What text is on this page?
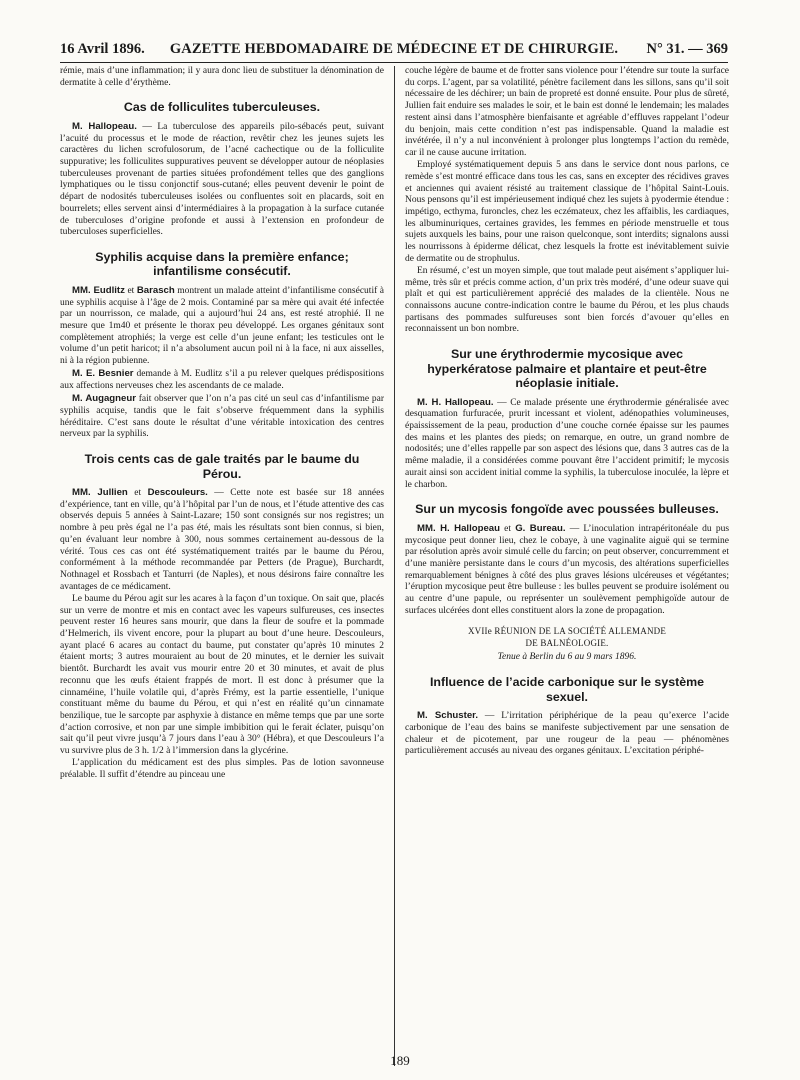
16 Avril 1896.	GAZETTE HEBDOMADAIRE DE MÉDECINE ET DE CHIRURGIE.	N° 31. — 369

rémie, mais d’une inflammation; il y aura donc lieu de substituer la dénomination de dermatite à celle d’érythème.

Cas de folliculites tuberculeuses.

M. Hallopeau. — La tuberculose des appareils pilo-sébacés peut, suivant l’acuité du processus et le mode de réaction, revêtir chez les jeunes sujets les caractères du lichen scrofulosorum, de l’acné cachectique ou de la folliculite suppurative; les folliculites suppuratives peuvent se développer autour de néoplasies tuberculeuses provenant de parties situées profondément telles que des ganglions lymphatiques ou le tissu conjonctif sous-cutané; elles peuvent devenir le point de départ de nodosités tuberculeuses isolées ou confluentes soit en placards, soit en bourrelets; elles servent ainsi d’intermédiaires à la propagation à la surface cutanée de tuberculoses d’origine profonde et aussi à l’extension en profondeur de tuberculoses superficielles.

Syphilis acquise dans la première enfance; infantilisme consécutif.

MM. Eudlitz et Barasch montrent un malade atteint d’infantilisme consécutif à une syphilis acquise à l’âge de 2 mois. Contaminé par sa mère qui avait été infectée par un nourrisson, ce malade, qui a aujourd’hui 24 ans, est resté atrophié. Il ne mesure que 1m40 et présente le thorax peu développé. Les organes génitaux sont complètement atrophiés; la verge est celle d’un jeune enfant; les testicules ont le volume d’un petit haricot; il n’a absolument aucun poil ni à la face, ni aux aisselles, ni à la région pubienne.

M. E. Besnier demande à M. Eudlitz s’il a pu relever quelques prédispositions aux affections nerveuses chez les ascendants de ce malade.

M. Augagneur fait observer que l’on n’a pas cité un seul cas d’infantilisme par syphilis acquise, tandis que le fait s’observe fréquemment dans la syphilis héréditaire. C’est sans doute le résultat d’une véritable intoxication des centres nerveux par la syphilis.

Trois cents cas de gale traités par le baume du Pérou.

MM. Jullien et Descouleurs. — Cette note est basée sur 18 années d’expérience, tant en ville, qu’à l’hôpital par l’un de nous, et l’étude attentive des cas observés depuis 5 années à Saint-Lazare; 150 sont consignés sur nos registres; un nombre à peu près égal ne l’a pas été, mais les résultats sont bien connus, si bien, qu’en évaluant leur nombre à 300, nous sommes certainement au-dessous de la vérité. Tous ces cas ont été systématiquement traités par le baume du Pérou, conformément à la méthode recommandée par Petters (de Prague), Burchardt, Nothnagel et Rossbach et Tanturri (de Naples), et nous désirons faire connaître les avantages de ce médicament.

Le baume du Pérou agit sur les acares à la façon d’un toxique. On sait que, placés sur un verre de montre et mis en contact avec les vapeurs sulfureuses, ces insectes peuvent rester 16 heures sans mourir, que dans la fleur de soufre et la pommade d’Helmerich, ils vivent encore, pour la plupart au bout d’une heure. Descouleurs, ayant placé 6 acares au contact du baume, put constater qu’après 10 minutes 2 étaient morts; 3 autres mouraient au bout de 20 minutes, et le dernier les suivait bientôt. Burchardt les avait vus mourir entre 20 et 30 minutes, et avait de plus reconnu que les œufs étaient frappés de mort. Il est donc à présumer que la cinnaméine, l’huile volatile qui, d’après Frémy, est la partie essentielle, l’unique constituant même du baume du Pérou, et qui n’est en réalité qu’un cinnamate benzilique, tue le sarcopte par asphyxie à distance en même temps que par une sorte d’action corrosive, et non par une simple imbibition qui le ferait éclater, puisqu’on sait qu’il peut vivre jusqu’à 7 jours dans l’eau à 30° (Hébra), et que Descouleurs l’a vu survivre plus de 3 h. 1/2 à l’immersion dans la glycérine.

L’application du médicament est des plus simples. Pas de lotion savonneuse préalable. Il suffit d’étendre au pinceau une

couche légère de baume et de frotter sans violence pour l’étendre sur toute la surface du corps. L’agent, par sa volatilité, pénètre facilement dans les sillons, sans qu’il soit nécessaire de les déchirer; un bain de propreté est donné ensuite. Pour plus de sûreté, Jullien fait enduire ses malades le soir, et le bain est donné le lendemain; les malades restent ainsi dans l’atmosphère bienfaisante et agréable d’effluves rappelant l’odeur du benjoin, mais cette condition n’est pas indispensable. Quand la maladie est invétérée, il n’y a nul inconvénient à prolonger plus longtemps l’action du remède, car il ne cause aucune irritation.

Employé systématiquement depuis 5 ans dans le service dont nous parlons, ce remède s’est montré efficace dans tous les cas, sans en excepter des récidives graves et anciennes qui avaient résisté au traitement classique de l’hôpital Saint-Louis. Nous pensons qu’il est impérieusement indiqué chez les sujets à pyodermie étendue : impétigo, ecthyma, furoncles, chez les eczémateux, chez les affaiblis, les cardiaques, les albuminuriques, certaines gravides, les femmes en période menstruelle et tous sujets auxquels les bains, pour une raison quelconque, sont interdits; signalons aussi les nourrissons à épiderme délicat, chez lesquels la frotte est inévitablement suivie de dermatite ou de strophulus.

En résumé, c’est un moyen simple, que tout malade peut aisément s’appliquer lui-même, très sûr et précis comme action, d’un prix très modéré, d’une odeur suave qui plaît et qui est particulièrement apprécié des malades de la clientèle. Nous ne connaissons aucune contre-indication contre le baume du Pérou, et les plus chauds partisans des pommades sulfureuses sont bien forcés d’avouer qu’elles en reconnaissent un bon nombre.

Sur une érythrodermie mycosique avec hyperkératose palmaire et plantaire et peut-être néoplasie initiale.

M. H. Hallopeau. — Ce malade présente une érythrodermie généralisée avec desquamation furfuracée, prurit incessant et violent, adénopathies volumineuses, épaississement de la peau, production d’une couche cornée épaisse sur les paumes des mains et les plantes des pieds; on remarque, en outre, un grand nombre de nodosités; une d’elles rappelle par son aspect des lésions que, dans 3 autres cas de la même maladie, il a considérées comme pouvant être l’accident primitif; le mycosis aurait ainsi son accident initial comme la syphilis, la tuberculose inoculée, la lèpre et le charbon.

Sur un mycosis fongoïde avec poussées bulleuses.

MM. H. Hallopeau et G. Bureau. — L’inoculation intrapéritonéale du pus mycosique peut donner lieu, chez le cobaye, à une vaginalite aiguë qui se termine par résolution après avoir simulé celle du farcin; on peut observer, concurremment et d’une manière persistante dans le cours d’un mycosis, des altérations superficielles remarquablement bénignes à côté des plus graves lésions ulcéreuses et végétantes; l’éruption mycosique peut être bulleuse : les bulles peuvent se produire isolément ou au centre d’une papule, ou représenter un soulèvement pemphigoïde autour de surfaces ulcérées dont elles constituent alors la zone de propagation.

XVIIe RÉUNION DE LA SOCIÉTÉ ALLEMANDE
DE BALNÉOLOGIE.
Tenue à Berlin du 6 au 9 mars 1896.
Influence de l’acide carbonique sur le système sexuel.

M. Schuster. — L’irritation périphérique de la peau qu’exerce l’acide carbonique de l’eau des bains se manifeste subjectivement par une sensation de chaleur et de picotement, par une rougeur de la peau — phénomènes particulièrement accusés au niveau des organes génitaux. L’excitation périphé-

189
